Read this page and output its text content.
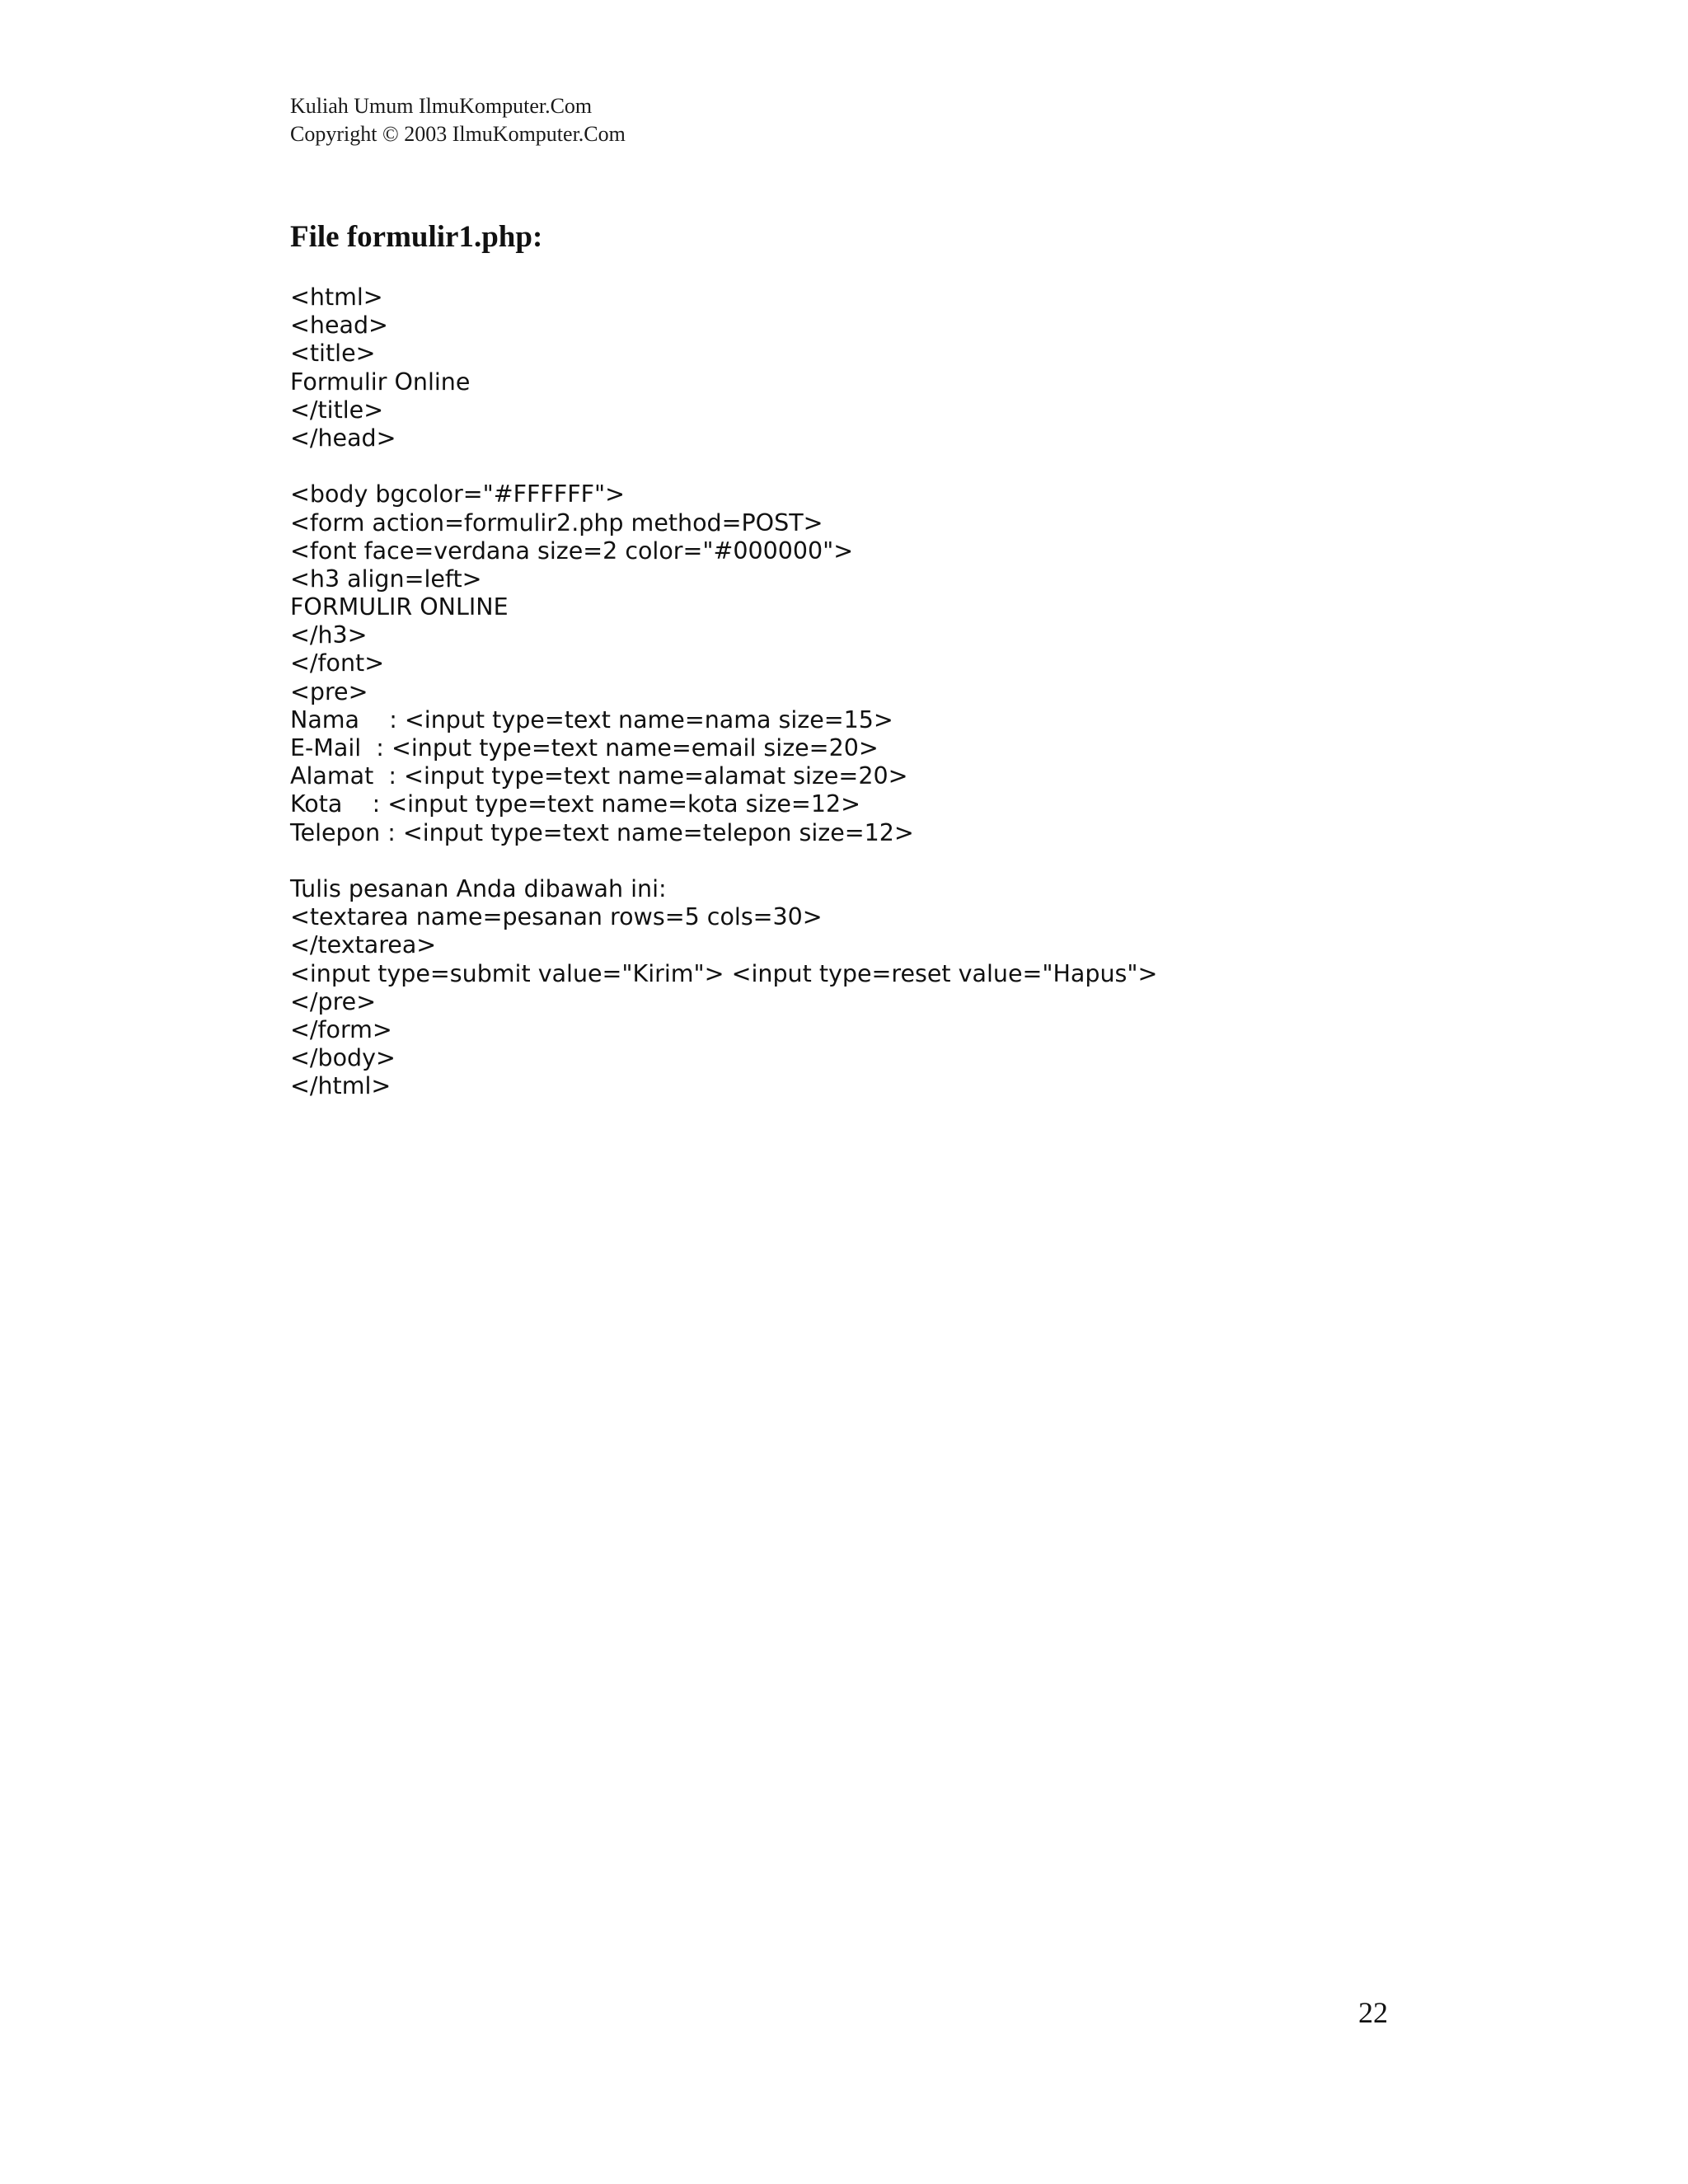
Kuliah Umum IlmuKomputer.Com
Copyright © 2003 IlmuKomputer.Com
File formulir1.php:
<html>
<head>
<title>
Formulir Online
</title>
</head>
<body bgcolor="#FFFFFF">
<form action=formulir2.php method=POST>
<font face=verdana size=2 color="#000000">
<h3 align=left>
FORMULIR ONLINE
</h3>
</font>
<pre>
Nama    : <input type=text name=nama size=15>
E-Mail  : <input type=text name=email size=20>
Alamat  : <input type=text name=alamat size=20>
Kota    : <input type=text name=kota size=12>
Telepon : <input type=text name=telepon size=12>
Tulis pesanan Anda dibawah ini:
<textarea name=pesanan rows=5 cols=30>
</textarea>
<input type=submit value="Kirim"> <input type=reset value="Hapus">
</pre>
</form>
</body>
</html>
22
